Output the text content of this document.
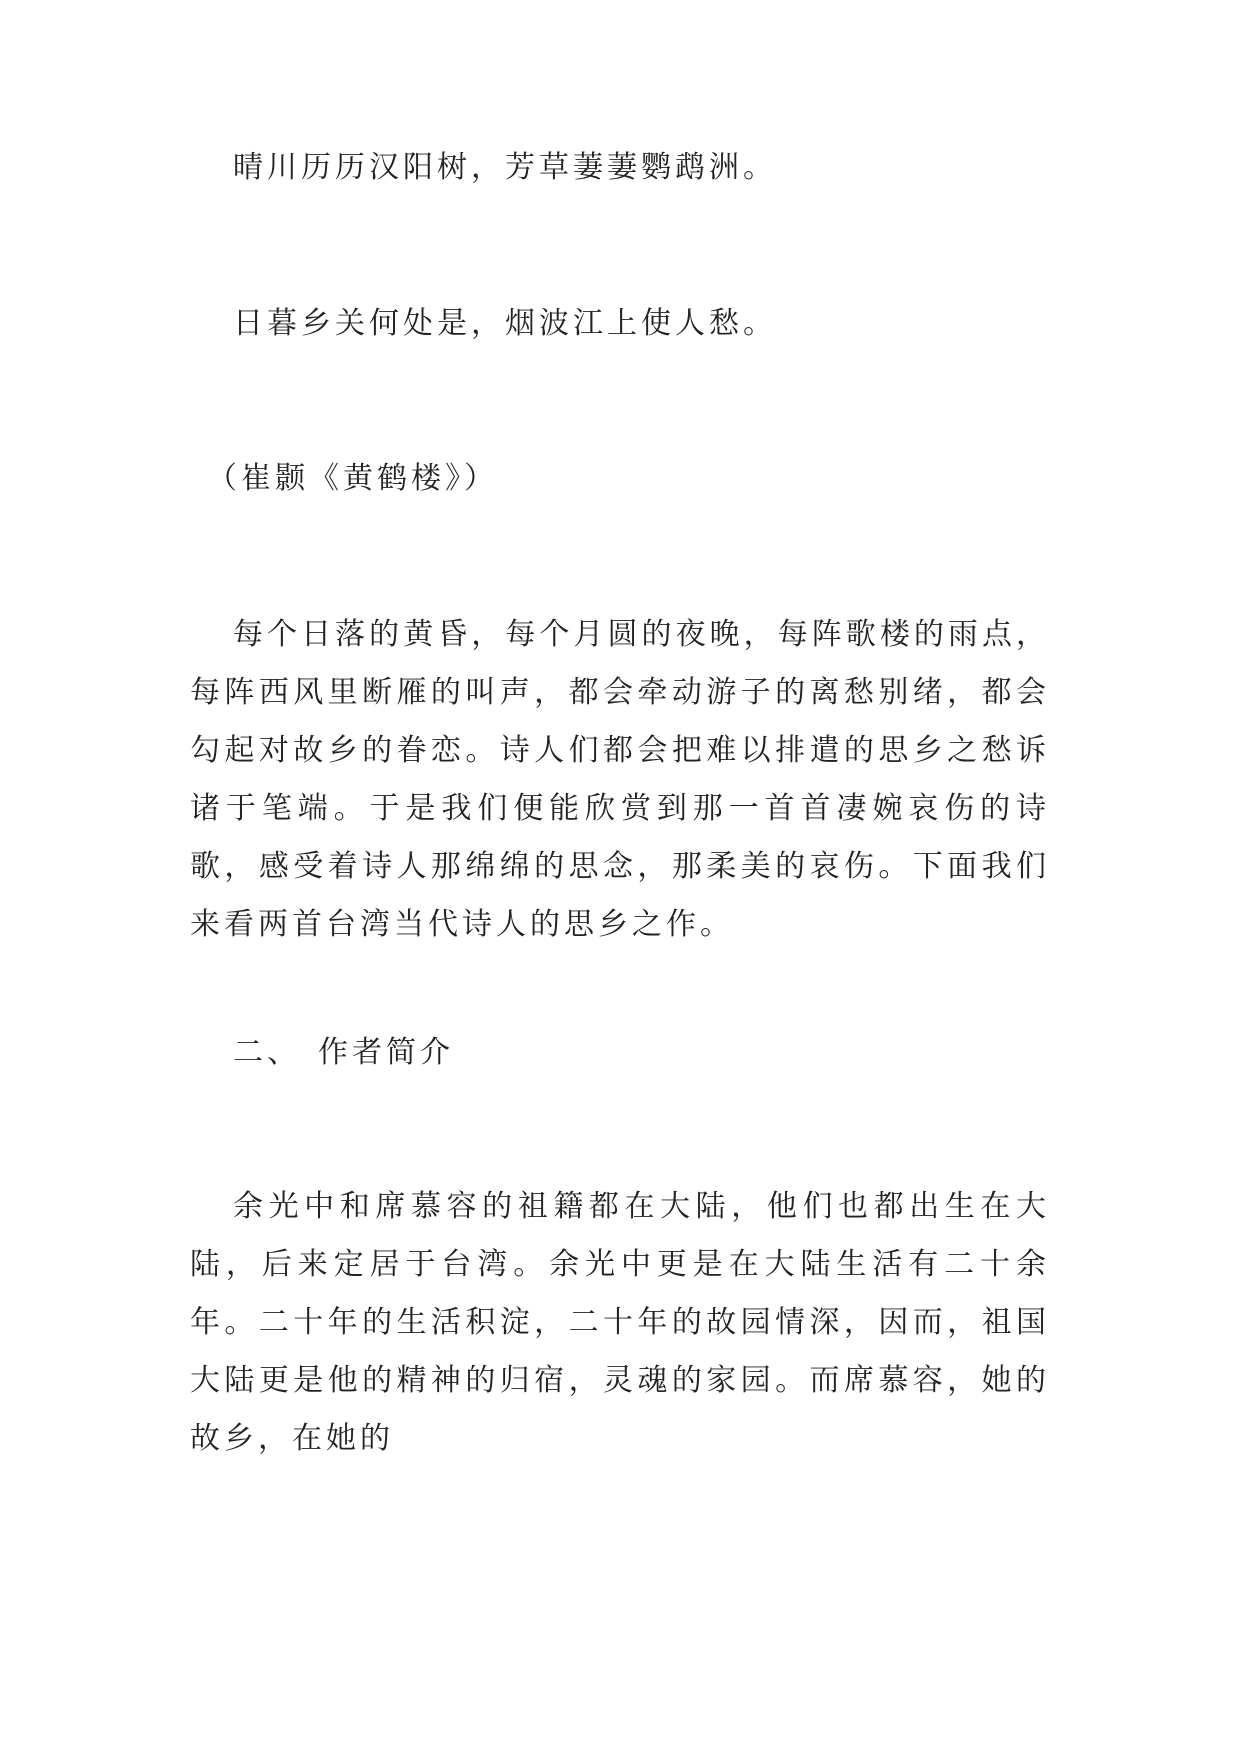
晴川历历汉阳树，芳草萋萋鹦鹉洲。
日暮乡关何处是，烟波江上使人愁。
（崔颢《黄鹤楼》）
每个日落的黄昏，每个月圆的夜晚，每阵歌楼的雨点，每阵西风里断雁的叫声，都会牵动游子的离愁别绪，都会勾起对故乡的眷恋。诗人们都会把难以排遣的思乡之愁诉诸于笔端。于是我们便能欣赏到那一首首凄婉哀伤的诗歌，感受着诗人那绵绵的思念，那柔美的哀伤。下面我们来看两首台湾当代诗人的思乡之作。
二、 作者简介
余光中和席慕容的祖籍都在大陆，他们也都出生在大陆，后来定居于台湾。余光中更是在大陆生活有二十余年。二十年的生活积淀，二十年的故园情深，因而，祖国大陆更是他的精神的归宿，灵魂的家园。而席慕容，她的故乡，在她的
